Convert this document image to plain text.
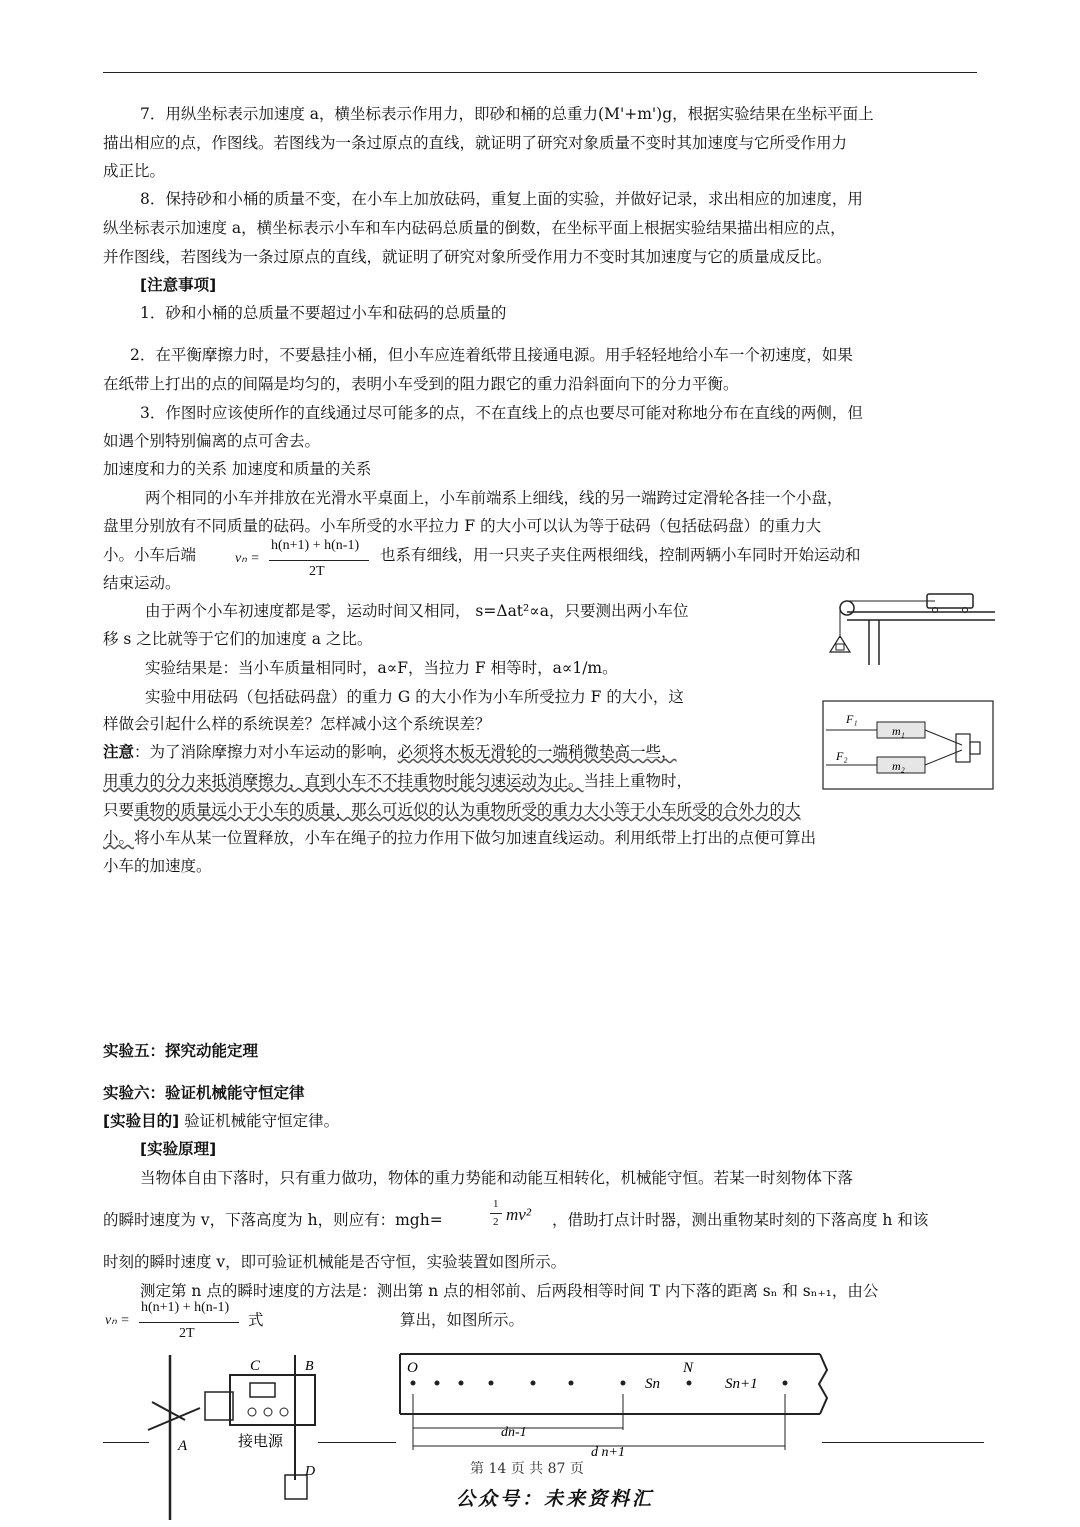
7．用纵坐标表示加速度 a，横坐标表示作用力，即砂和桶的总重力(M'+m')g，根据实验结果在坐标平面上
描出相应的点，作图线。若图线为一条过原点的直线，就证明了研究对象质量不变时其加速度与它所受作用力
成正比。
8．保持砂和小桶的质量不变，在小车上加放砝码，重复上面的实验，并做好记录，求出相应的加速度，用
纵坐标表示加速度 a，横坐标表示小车和车内砝码总质量的倒数，在坐标平面上根据实验结果描出相应的点，
并作图线，若图线为一条过原点的直线，就证明了研究对象所受作用力不变时其加速度与它的质量成反比。
[注意事项]
1．砂和小桶的总质量不要超过小车和砝码的总质量的
2．在平衡摩擦力时，不要悬挂小桶，但小车应连着纸带且接通电源。用手轻轻地给小车一个初速度，如果
在纸带上打出的点的间隔是均匀的，表明小车受到的阻力跟它的重力沿斜面向下的分力平衡。
3．作图时应该使所作的直线通过尽可能多的点，不在直线上的点也要尽可能对称地分布在直线的两侧，但
如遇个别特别偏离的点可舍去。
加速度和力的关系 加速度和质量的关系
两个相同的小车并排放在光滑水平桌面上，小车前端系上细线，线的另一端跨过定滑轮各挂一个小盘，
盘里分别放有不同质量的砝码。小车所受的水平拉力 F 的大小可以认为等于砝码（包括砝码盘）的重力大
小。小车后端	vₙ =
h(n+1) + h(n-1)
2T
也系有细线，用一只夹子夹住两根细线，控制两辆小车同时开始运动和
结束运动。
由于两个小车初速度都是零，运动时间又相同， s=Δat²∝a，只要测出两小车位
移 s 之比就等于它们的加速度 a 之比。
实验结果是：当小车质量相同时，a∝F，当拉力 F 相等时，a∝1/m。
实验中用砝码（包括砝码盘）的重力 G 的大小作为小车所受拉力 F 的大小，这
样做会引起什么样的系统误差？怎样减小这个系统误差？
注意：为了消除摩擦力对小车运动的影响，必须将木板无滑轮的一端稍微垫高一些，
用重力的分力来抵消摩擦力，直到小车不不挂重物时能匀速运动为止。当挂上重物时，
只要重物的质量远小于小车的质量，那么可近似的认为重物所受的重力大小等于小车所受的合外力的大
小。将小车从某一位置释放，小车在绳子的拉力作用下做匀加速直线运动。利用纸带上打出的点便可算出
小车的加速度。
F₁
F₂
m₁
m₂
实验五：探究动能定理
实验六：验证机械能守恒定律
[实验目的] 验证机械能守恒定律。
[实验原理]
当物体自由下落时，只有重力做功，物体的重力势能和动能互相转化，机械能守恒。若某一时刻物体下落
的瞬时速度为 v，下落高度为 h，则应有：mgh=
1
2 mv² ，借助打点计时器，测出重物某时刻的下落高度 h 和该
时刻的瞬时速度 v，即可验证机械能是否守恒，实验装置如图所示。
测定第 n 点的瞬时速度的方法是：测出第 n 点的相邻前、后两段相等时间 T 内下落的距离 sₙ 和 sₙ₊₁，由公
vₙ =
h(n+1) + h(n-1)
2T
式	算出，如图所示。
C	B
A
D
接电源
O	N
Sn	Sn+1
dn-1
d n+1
第 14 页 共 87 页
公众号：未来资料汇
